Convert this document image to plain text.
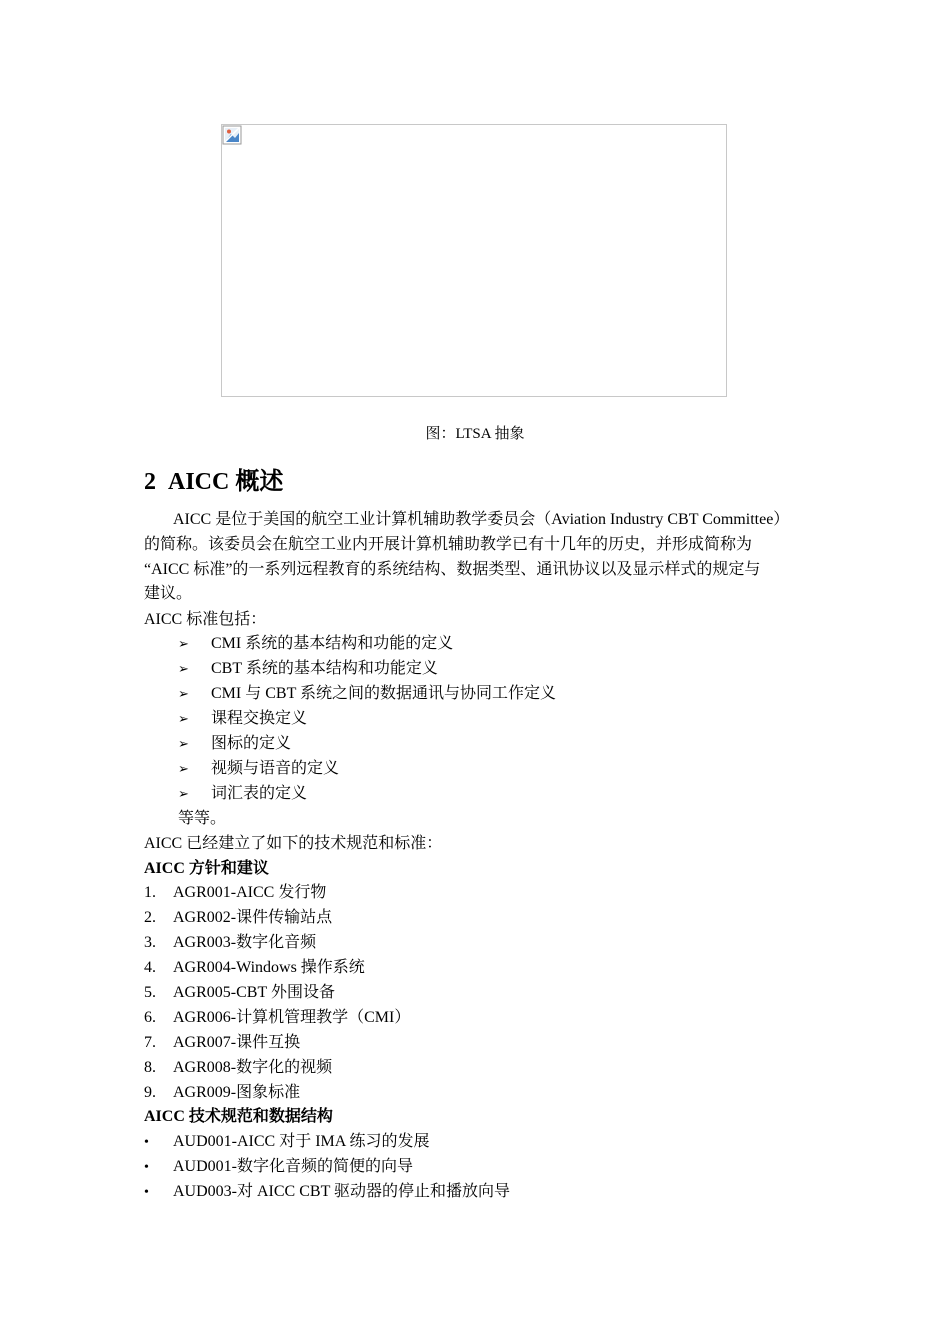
图：LTSA 抽象
2 AICC 概述
AICC 是位于美国的航空工业计算机辅助教学委员会（Aviation Industry CBT Committee）
的简称。该委员会在航空工业内开展计算机辅助教学已有十几年的历史，并形成简称为
“AICC 标准”的一系列远程教育的系统结构、数据类型、通讯协议以及显示样式的规定与
建议。
AICC 标准包括：
➢ CMI 系统的基本结构和功能的定义
➢ CBT 系统的基本结构和功能定义
➢ CMI 与 CBT 系统之间的数据通讯与协同工作定义
➢ 课程交换定义
➢ 图标的定义
➢ 视频与语音的定义
➢ 词汇表的定义
等等。
AICC 已经建立了如下的技术规范和标准：
AICC 方针和建议
1. AGR001-AICC 发行物
2. AGR002-课件传输站点
3. AGR003-数字化音频
4. AGR004-Windows 操作系统
5. AGR005-CBT 外围设备
6. AGR006-计算机管理教学（CMI）
7. AGR007-课件互换
8. AGR008-数字化的视频
9. AGR009-图象标准
AICC 技术规范和数据结构
• AUD001-AICC 对于 IMA 练习的发展
• AUD001-数字化音频的简便的向导
• AUD003-对 AICC CBT 驱动器的停止和播放向导
